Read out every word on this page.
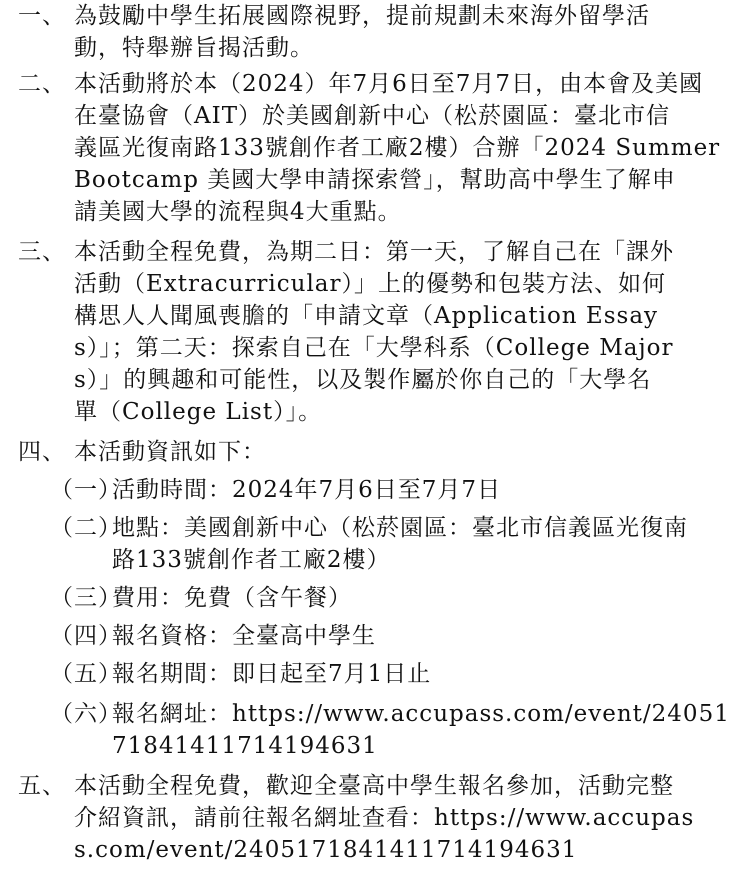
一、 為鼓勵中學生拓展國際視野，提前規劃未來海外留學活
動，特舉辦旨揭活動。
二、 本活動將於本（2024）年7月6日至7月7日，由本會及美國
在臺協會（AIT）於美國創新中心（松菸園區：臺北市信
義區光復南路133號創作者工廠2樓）合辦「2024 Summer
Bootcamp 美國大學申請探索營」，幫助高中學生了解申
請美國大學的流程與4大重點。
三、 本活動全程免費，為期二日：第一天，了解自己在「課外
活動（Extracurricular）」上的優勢和包裝方法、如何
構思人人聞風喪膽的「申請文章（Application Essay
s）」；第二天：探索自己在「大學科系（College Major
s）」的興趣和可能性，以及製作屬於你自己的「大學名
單（College List）」。
四、 本活動資訊如下：
（一）
活動時間：2024年7月6日至7月7日
（二）
地點：美國創新中心（松菸園區：臺北市信義區光復南
路133號創作者工廠2樓）
（三）
費用：免費（含午餐）
（四）
報名資格：全臺高中學生
（五）
報名期間：即日起至7月1日止
（六）
報名網址：https://www.accupass.com/event/24051
71841411714194631
五、 本活動全程免費，歡迎全臺高中學生報名參加，活動完整
介紹資訊，請前往報名網址查看：https://www.accupas
s.com/event/2405171841411714194631
